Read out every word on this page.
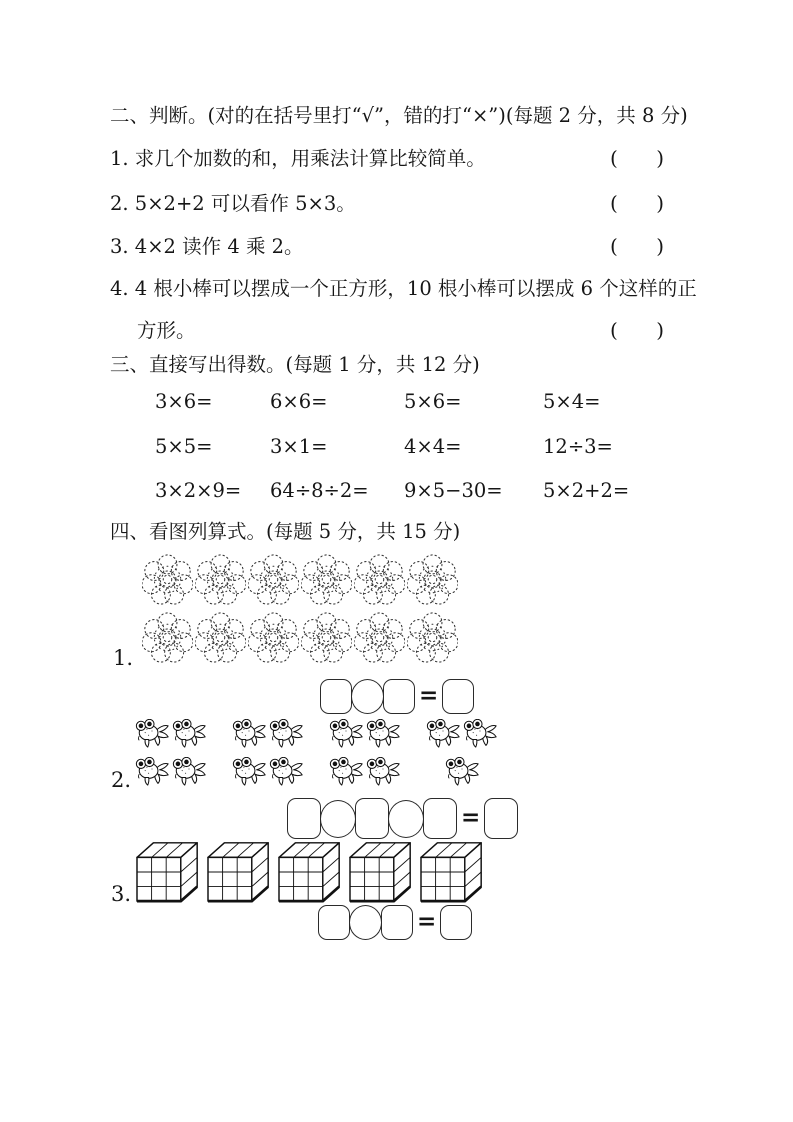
二、判断。(对的在括号里打“√”，错的打“×”)(每题 2 分，共 8 分)
1. 求几个加数的和，用乘法计算比较简单。	( )
2. 5×2+2 可以看作 5×3。	( )
3. 4×2 读作 4 乘 2。	( )
4. 4 根小棒可以摆成一个正方形，10 根小棒可以摆成 6 个这样的正
方形。	( )
三、直接写出得数。(每题 1 分，共 12 分)
3×6=	6×6=	5×6=	5×4=
5×5=	3×1=	4×4=	12÷3=
3×2×9=	64÷8÷2=	9×5−30=	5×2+2=
四、看图列算式。(每题 5 分，共 15 分)
1.
=
2.
=
3.
=
